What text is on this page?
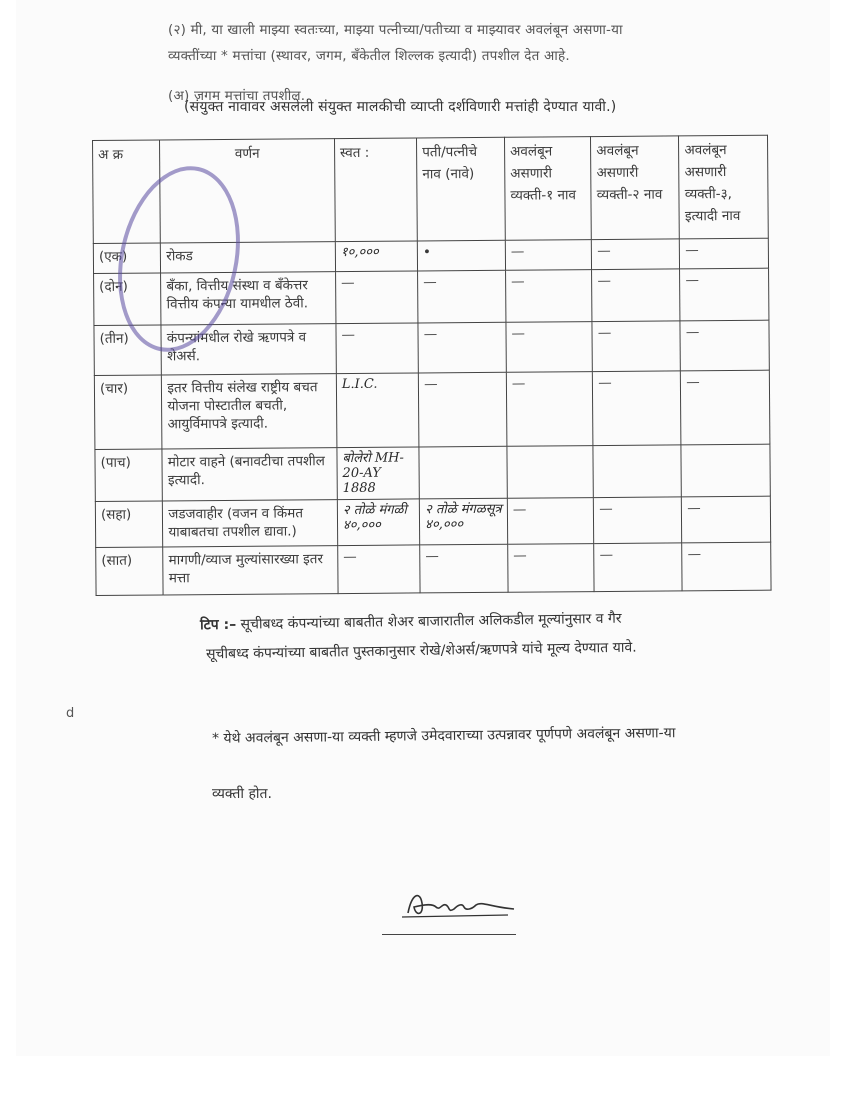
(२) मी, या खाली माझ्या स्वतःच्या, माझ्या पत्नीच्या/पतीच्या व माझ्यावर अवलंबून असणा-या
व्यक्तींच्या * मत्तांचा (स्थावर, जगम, बँकेतील शिल्लक इत्यादी) तपशील देत आहे.
(अ) जगम मत्तांचा तपशील.
(संयुक्त नावावर असलेली संयुक्त मालकीची व्याप्ती दर्शविणारी मत्तांही देण्यात यावी.)
अ क्र	वर्णन	स्वत :	पती/पत्नीचे नाव (नावे)	अवलंबून असणारी व्यक्ती-१ नाव	अवलंबून असणारी व्यक्ती-२ नाव	अवलंबून असणारी व्यक्ती-३, इत्यादी नाव
(एक)	रोकड	१०,०००	•	—	—	—
(दोन)	बँका, वित्तीय संस्था व बँकेत्तर वित्तीय कंपन्या यामधील ठेवी.	—	—	—	—	—
(तीन)	कंपन्यांमधील रोखे ऋणपत्रे व शेअर्स.	—	—	—	—	—
(चार)	इतर वित्तीय संलेख राष्ट्रीय बचत योजना पोस्टातील बचती, आयुर्विमापत्रे इत्यादी.	L.I.C.	—	—	—	—
(पाच)	मोटार वाहने (बनावटीचा तपशील इत्यादी.	बोलेरो MH-20-AY 1888				

(सहा)	जडजवाहीर (वजन व किंमत याबाबतचा तपशील द्यावा.)	२ तोळे मंगळी ४०,०००	२ तोळे मंगळसूत्र ४०,०००	—	—	—
(सात)	मागणी/व्याज मुल्यांसारख्या इतर मत्ता	—	—	—	—	—
टिप :– सूचीबध्द कंपन्यांच्या बाबतीत शेअर बाजारातील अलिकडील मूल्यांनुसार व गैर
सूचीबध्द कंपन्यांच्या बाबतीत पुस्तकानुसार रोखे/शेअर्स/ऋणपत्रे यांचे मूल्य देण्यात यावे.
* येथे अवलंबून असणा-या व्यक्ती म्हणजे उमेदवाराच्या उत्पन्नावर पूर्णपणे अवलंबून असणा-या
व्यक्ती होत.
d
